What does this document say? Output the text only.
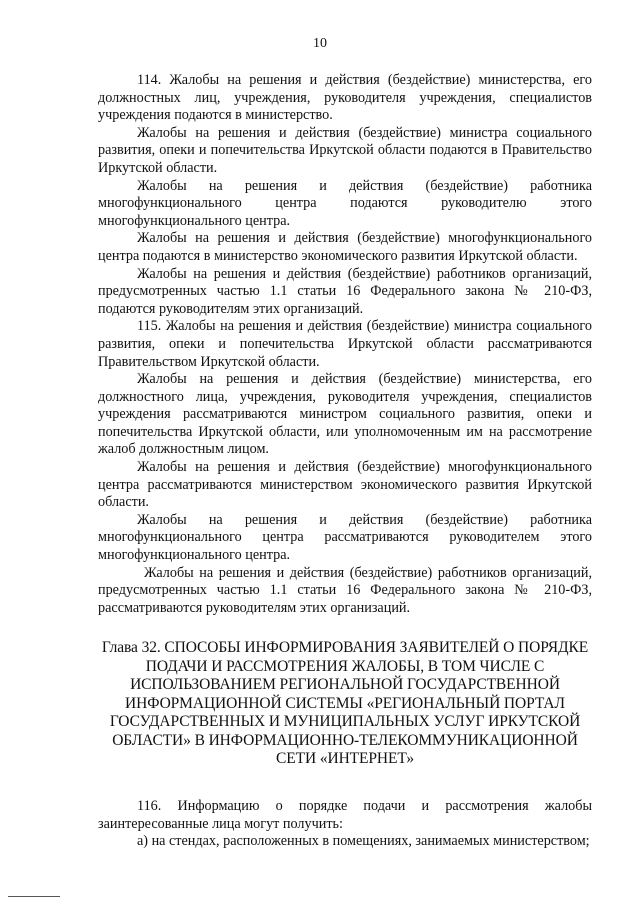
10

114. Жалобы на решения и действия (бездействие) министерства, его должностных лиц, учреждения, руководителя учреждения, специалистов учреждения подаются в министерство.

Жалобы на решения и действия (бездействие) министра социального развития, опеки и попечительства Иркутской области подаются в Правительство Иркутской области.

Жалобы на решения и действия (бездействие) работника многофункционального центра подаются руководителю этого многофункционального центра.

Жалобы на решения и действия (бездействие) многофункционального центра подаются в министерство экономического развития Иркутской области.

Жалобы на решения и действия (бездействие) работников организаций, предусмотренных частью 1.1 статьи 16 Федерального закона № 210-ФЗ, подаются руководителям этих организаций.

115. Жалобы на решения и действия (бездействие) министра социального развития, опеки и попечительства Иркутской области рассматриваются Правительством Иркутской области.

Жалобы на решения и действия (бездействие) министерства, его должностного лица, учреждения, руководителя учреждения, специалистов учреждения рассматриваются министром социального развития, опеки и попечительства Иркутской области, или уполномоченным им на рассмотрение жалоб должностным лицом.

Жалобы на решения и действия (бездействие) многофункционального центра рассматриваются министерством экономического развития Иркутской области.

Жалобы на решения и действия (бездействие) работника многофункционального центра рассматриваются руководителем этого многофункционального центра.

Жалобы на решения и действия (бездействие) работников организаций, предусмотренных частью 1.1 статьи 16 Федерального закона № 210-ФЗ, рассматриваются руководителям этих организаций.

Глава 32. СПОСОБЫ ИНФОРМИРОВАНИЯ ЗАЯВИТЕЛЕЙ О ПОРЯДКЕ ПОДАЧИ И РАССМОТРЕНИЯ ЖАЛОБЫ, В ТОМ ЧИСЛЕ С ИСПОЛЬЗОВАНИЕМ РЕГИОНАЛЬНОЙ ГОСУДАРСТВЕННОЙ ИНФОРМАЦИОННОЙ СИСТЕМЫ «РЕГИОНАЛЬНЫЙ ПОРТАЛ ГОСУДАРСТВЕННЫХ И МУНИЦИПАЛЬНЫХ УСЛУГ ИРКУТСКОЙ ОБЛАСТИ» В ИНФОРМАЦИОННО-ТЕЛЕКОММУНИКАЦИОННОЙ СЕТИ «ИНТЕРНЕТ»

116. Информацию о порядке подачи и рассмотрения жалобы заинтересованные лица могут получить:

а) на стендах, расположенных в помещениях, занимаемых министерством;
